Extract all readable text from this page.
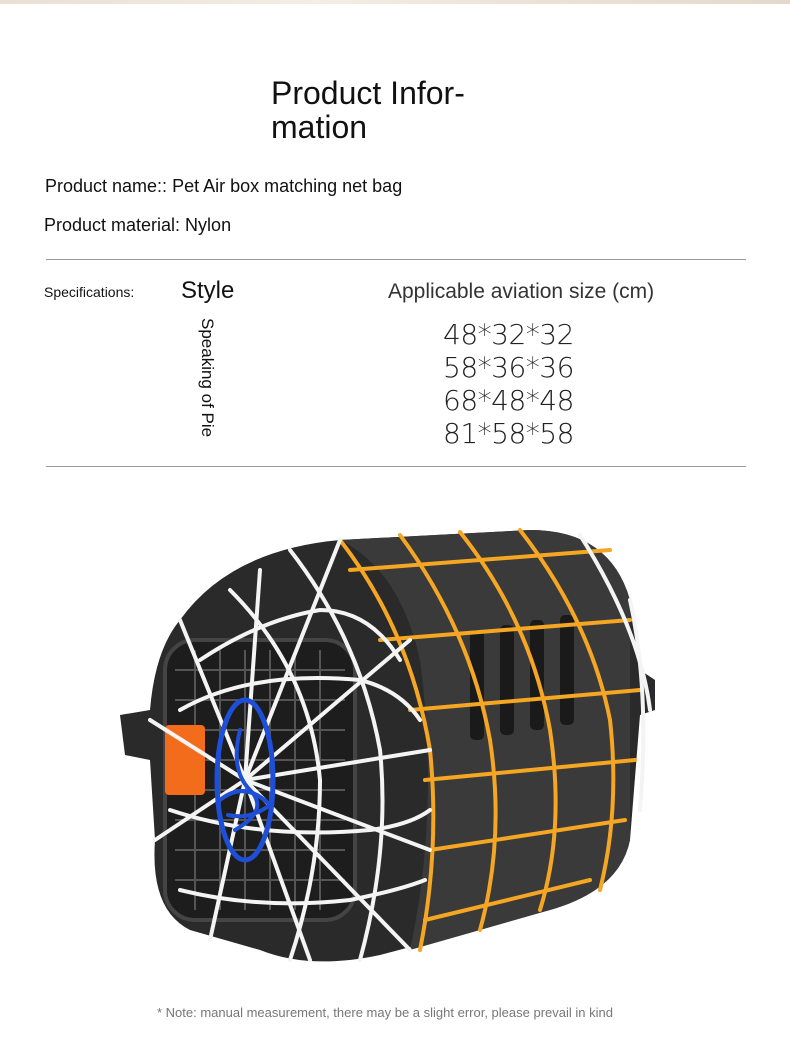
Product Infor-
mation
Product name:: Pet Air box matching net bag
Product material: Nylon
Specifications: Style	Applicable aviation size (cm)
Speaking of Pie	48*32*32
58*36*36
68*48*48
81*58*58
* Note: manual measurement, there may be a slight error, please prevail in kind
